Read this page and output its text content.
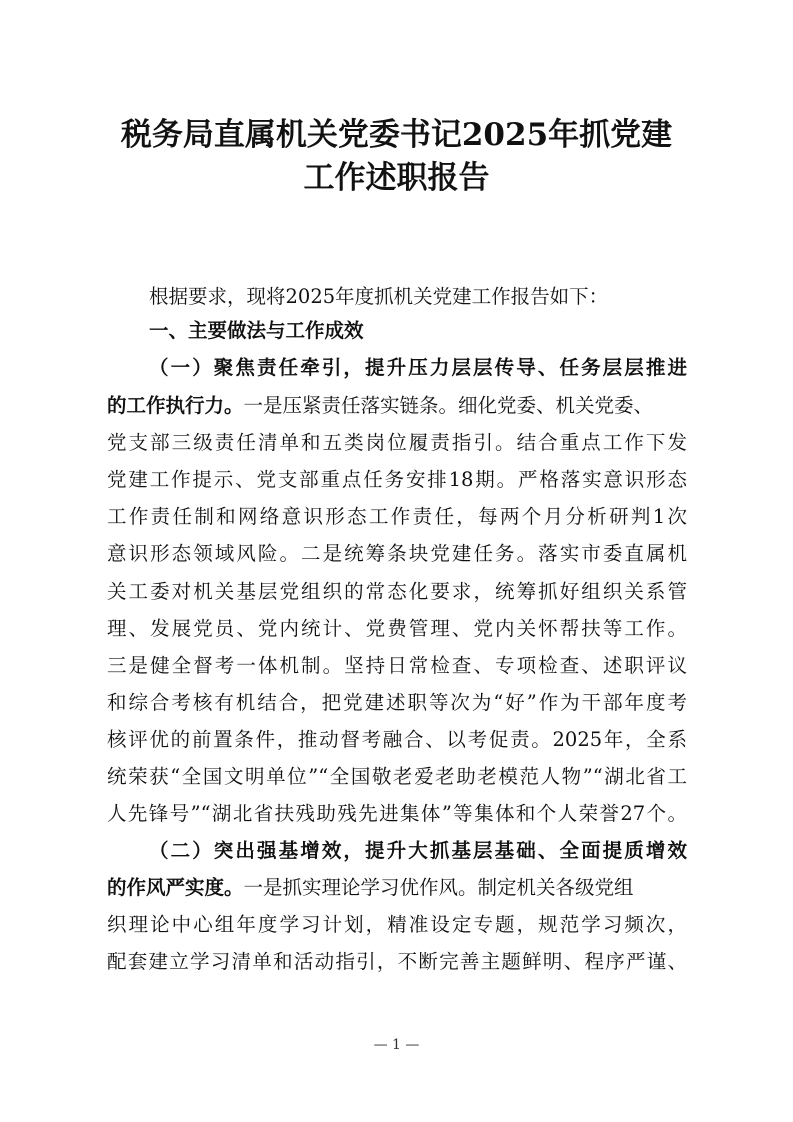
税务局直属机关党委书记2025年抓党建
工作述职报告
根据要求，现将2025年度抓机关党建工作报告如下：
一、主要做法与工作成效
（一）聚焦责任牵引，提升压力层层传导、任务层层推进
的工作执行力。一是压紧责任落实链条。细化党委、机关党委、
党支部三级责任清单和五类岗位履责指引。结合重点工作下发
党建工作提示、党支部重点任务安排18期。严格落实意识形态
工作责任制和网络意识形态工作责任，每两个月分析研判1次
意识形态领域风险。二是统筹条块党建任务。落实市委直属机
关工委对机关基层党组织的常态化要求，统筹抓好组织关系管
理、发展党员、党内统计、党费管理、党内关怀帮扶等工作。
三是健全督考一体机制。坚持日常检查、专项检查、述职评议
和综合考核有机结合，把党建述职等次为“好”作为干部年度考
核评优的前置条件，推动督考融合、以考促责。2025年，全系
统荣获“全国文明单位”“全国敬老爱老助老模范人物”“湖北省工
人先锋号”“湖北省扶残助残先进集体”等集体和个人荣誉27个。
（二）突出强基增效，提升大抓基层基础、全面提质增效
的作风严实度。一是抓实理论学习优作风。制定机关各级党组
织理论中心组年度学习计划，精准设定专题，规范学习频次，
配套建立学习清单和活动指引，不断完善主题鲜明、程序严谨、
— 1 —
